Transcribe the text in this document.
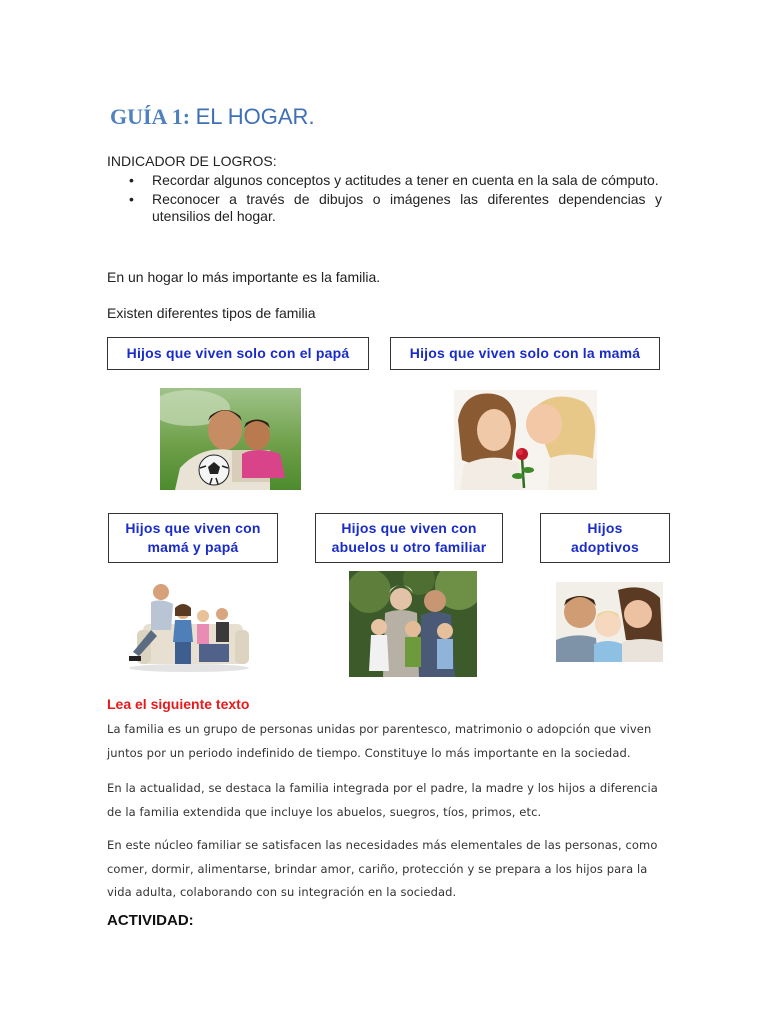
GUÍA 1: EL HOGAR.
INDICADOR DE LOGROS:
• Recordar algunos conceptos y actitudes a tener en cuenta en la sala de cómputo.
• Reconocer a través de dibujos o imágenes las diferentes dependencias y utensilios del hogar.
En un hogar lo más importante es la familia.
Existen diferentes tipos de familia
Hijos que viven solo con el papá	Hijos que viven solo con la mamá
Hijos que viven con
mamá y papá
Hijos que viven con
abuelos u otro familiar
Hijos
adoptivos
Lea el siguiente texto
La familia es un grupo de personas unidas por parentesco, matrimonio o adopción que viven juntos por un periodo indefinido de tiempo. Constituye lo más importante en la sociedad.
En la actualidad, se destaca la familia integrada por el padre, la madre y los hijos a diferencia de la familia extendida que incluye los abuelos, suegros, tíos, primos, etc.
En este núcleo familiar se satisfacen las necesidades más elementales de las personas, como comer, dormir, alimentarse, brindar amor, cariño, protección y se prepara a los hijos para la vida adulta, colaborando con su integración en la sociedad.
ACTIVIDAD:
